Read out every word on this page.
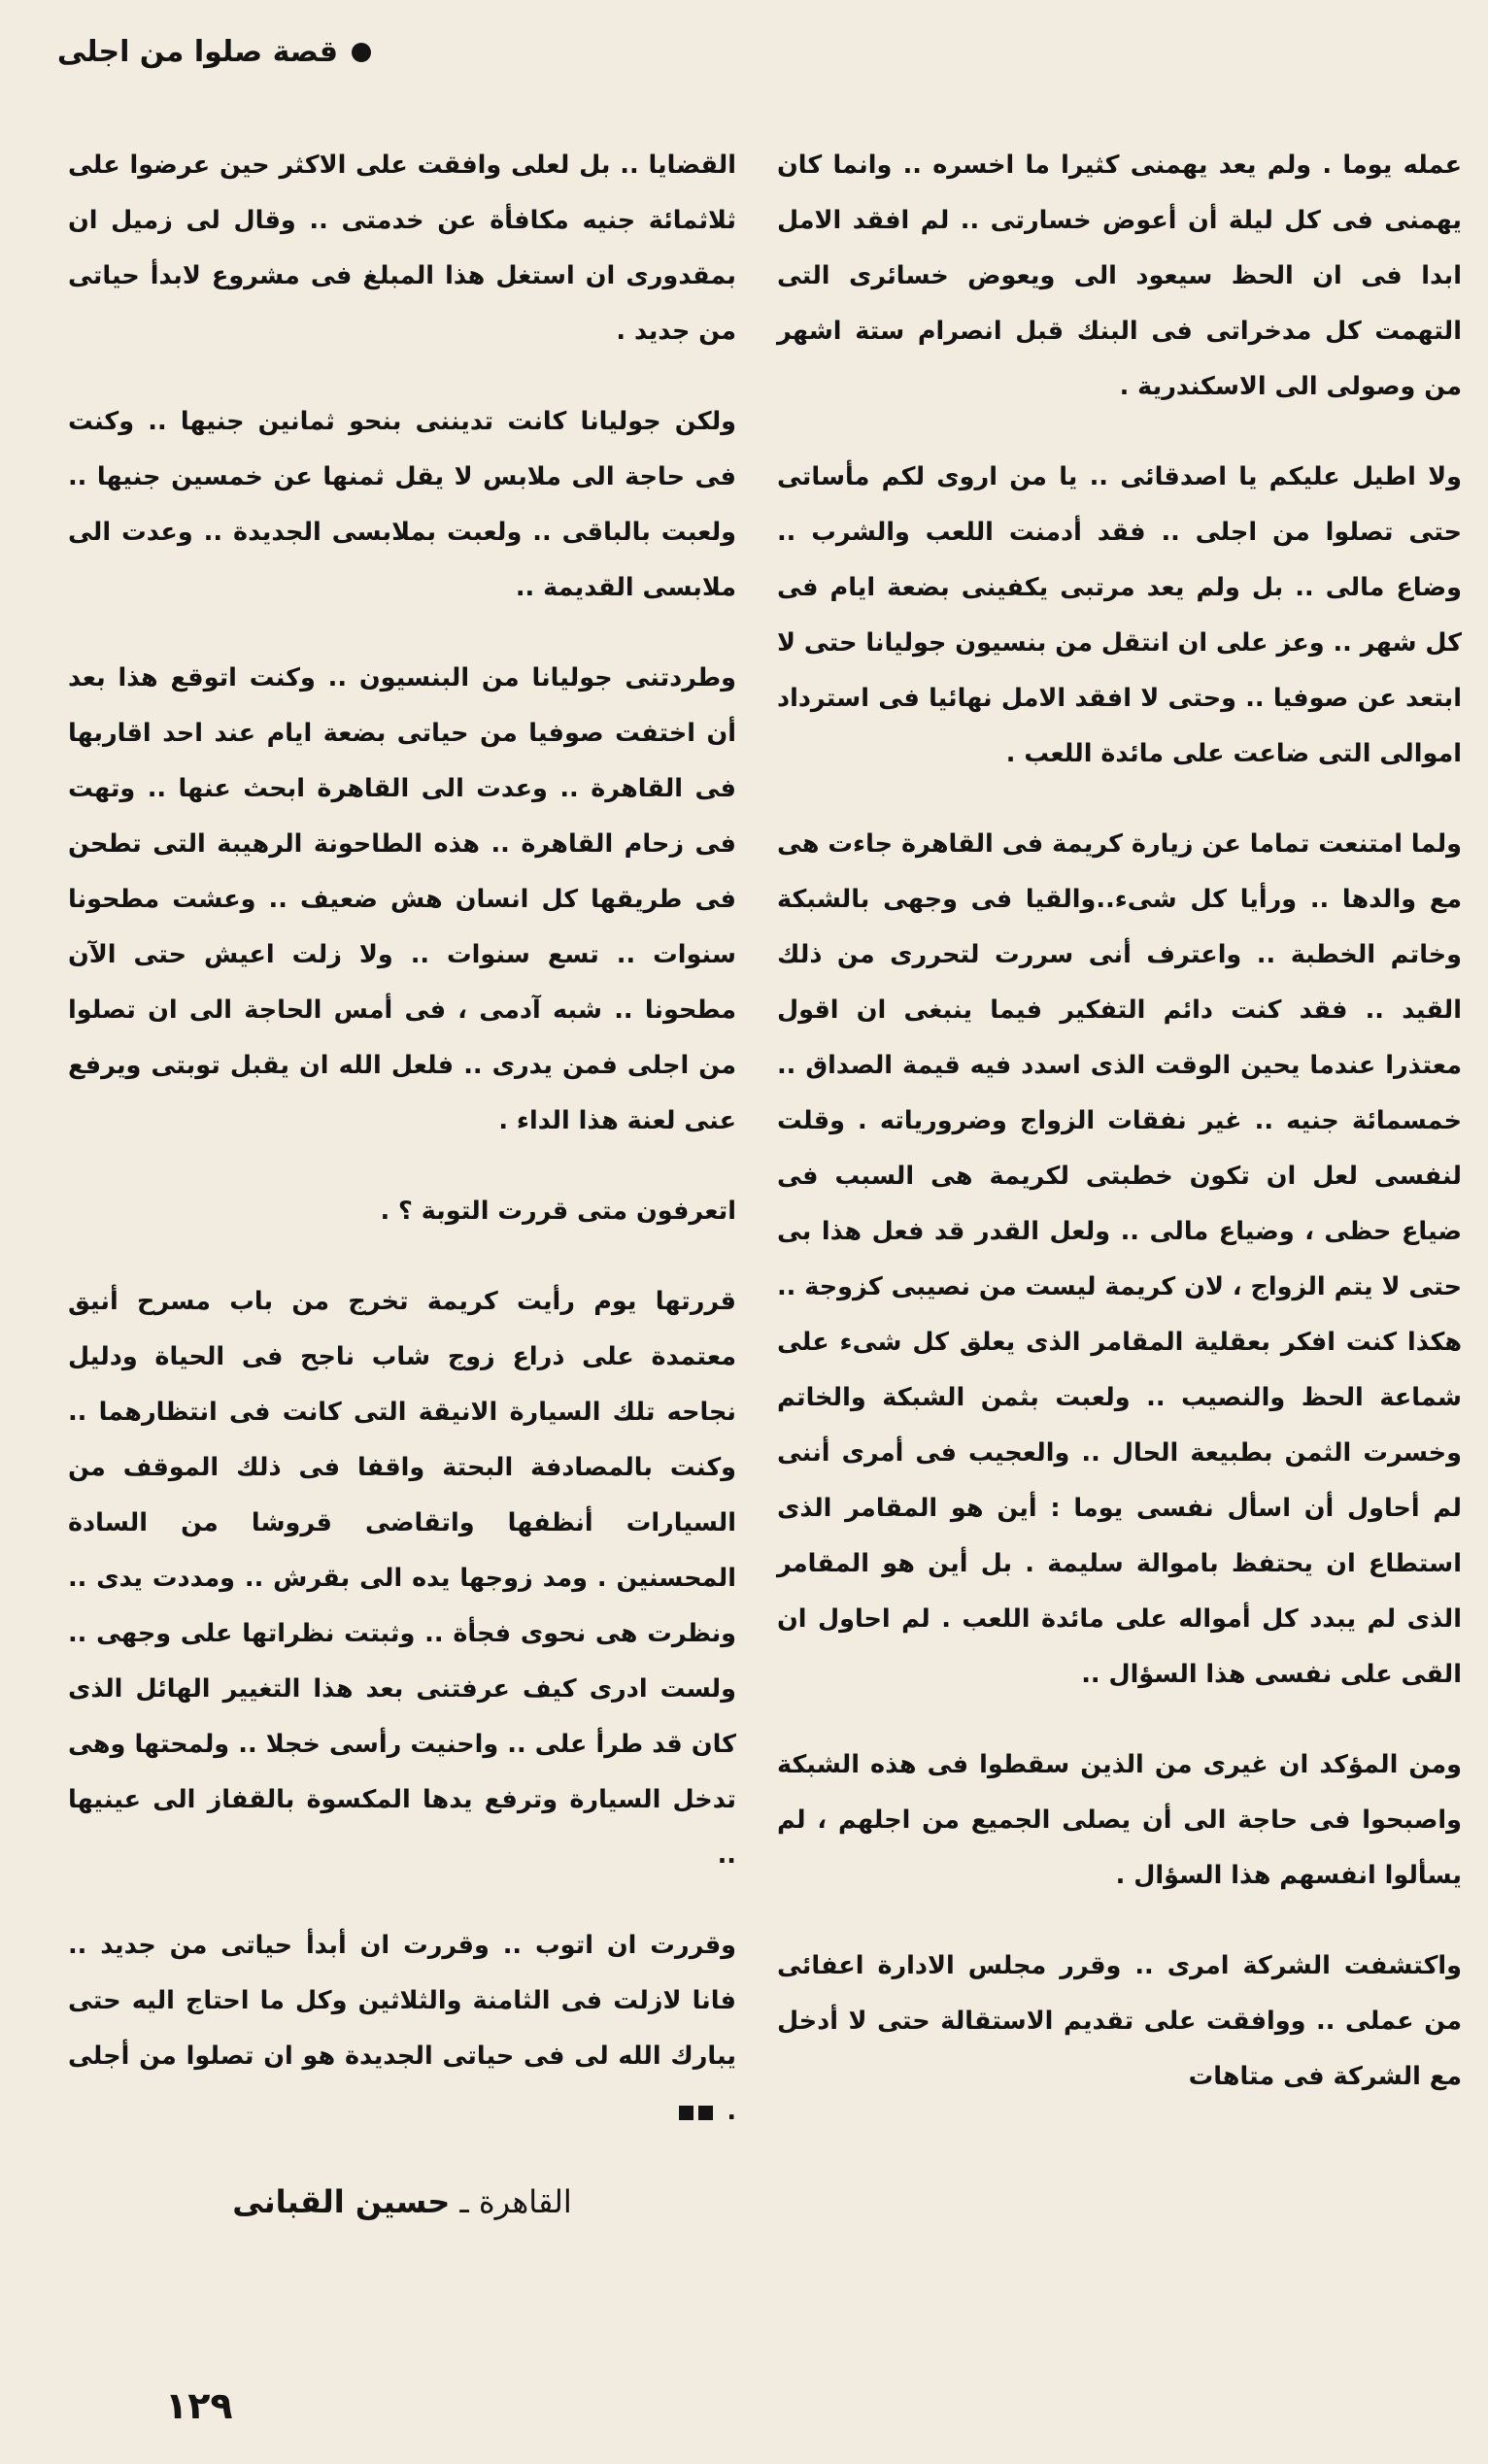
قصة صلوا من اجلى

عمله يوما . ولم يعد يهمنى كثيرا ما اخسره .. وانما كان يهمنى فى كل ليلة أن أعوض خسارتى .. لم افقد الامل ابدا فى ان الحظ سيعود الى ويعوض خسائرى التى التهمت كل مدخراتى فى البنك قبل انصرام ستة اشهر من وصولى الى الاسكندرية .

ولا اطيل عليكم يا اصدقائى .. يا من اروى لكم مأساتى حتى تصلوا من اجلى .. فقد أدمنت اللعب والشرب .. وضاع مالى .. بل ولم يعد مرتبى يكفينى بضعة ايام فى كل شهر .. وعز على ان انتقل من بنسيون جوليانا حتى لا ابتعد عن صوفيا .. وحتى لا افقد الامل نهائيا فى استرداد اموالى التى ضاعت على مائدة اللعب .

ولما امتنعت تماما عن زيارة كريمة فى القاهرة جاءت هى مع والدها .. ورأيا كل شىء..والقيا فى وجهى بالشبكة وخاتم الخطبة .. واعترف أنى سررت لتحررى من ذلك القيد .. فقد كنت دائم التفكير فيما ينبغى ان اقول معتذرا عندما يحين الوقت الذى اسدد فيه قيمة الصداق .. خمسمائة جنيه .. غير نفقات الزواج وضرورياته . وقلت لنفسى لعل ان تكون خطبتى لكريمة هى السبب فى ضياع حظى ، وضياع مالى .. ولعل القدر قد فعل هذا بى حتى لا يتم الزواج ، لان كريمة ليست من نصيبى كزوجة .. هكذا كنت افكر بعقلية المقامر الذى يعلق كل شىء على شماعة الحظ والنصيب .. ولعبت بثمن الشبكة والخاتم وخسرت الثمن بطبيعة الحال .. والعجيب فى أمرى أننى لم أحاول أن اسأل نفسى يوما : أين هو المقامر الذى استطاع ان يحتفظ باموالة سليمة . بل أين هو المقامر الذى لم يبدد كل أمواله على مائدة اللعب . لم احاول ان القى على نفسى هذا السؤال ..

ومن المؤكد ان غيرى من الذين سقطوا فى هذه الشبكة واصبحوا فى حاجة الى أن يصلى الجميع من اجلهم ، لم يسألوا انفسهم هذا السؤال .

واكتشفت الشركة امرى .. وقرر مجلس الادارة اعفائى من عملى .. ووافقت على تقديم الاستقالة حتى لا أدخل مع الشركة فى متاهات

القضايا .. بل لعلى وافقت على الاكثر حين عرضوا على ثلاثمائة جنيه مكافأة عن خدمتى .. وقال لى زميل ان بمقدورى ان استغل هذا المبلغ فى مشروع لابدأ حياتى من جديد .

ولكن جوليانا كانت تديننى بنحو ثمانين جنيها .. وكنت فى حاجة الى ملابس لا يقل ثمنها عن خمسين جنيها .. ولعبت بالباقى .. ولعبت بملابسى الجديدة .. وعدت الى ملابسى القديمة ..

وطردتنى جوليانا من البنسيون .. وكنت اتوقع هذا بعد أن اختفت صوفيا من حياتى بضعة ايام عند احد اقاربها فى القاهرة .. وعدت الى القاهرة ابحث عنها .. وتهت فى زحام القاهرة .. هذه الطاحونة الرهيبة التى تطحن فى طريقها كل انسان هش ضعيف .. وعشت مطحونا سنوات .. تسع سنوات .. ولا زلت اعيش حتى الآن مطحونا .. شبه آدمى ، فى أمس الحاجة الى ان تصلوا من اجلى فمن يدرى .. فلعل الله ان يقبل توبتى ويرفع عنى لعنة هذا الداء .

اتعرفون متى قررت التوبة ؟ .

قررتها يوم رأيت كريمة تخرج من باب مسرح أنيق معتمدة على ذراع زوج شاب ناجح فى الحياة ودليل نجاحه تلك السيارة الانيقة التى كانت فى انتظارهما .. وكنت بالمصادفة البحتة واقفا فى ذلك الموقف من السيارات أنظفها واتقاضى قروشا من السادة المحسنين . ومد زوجها يده الى بقرش .. ومددت يدى .. ونظرت هى نحوى فجأة .. وثبتت نظراتها على وجهى .. ولست ادرى كيف عرفتنى بعد هذا التغيير الهائل الذى كان قد طرأ على .. واحنيت رأسى خجلا .. ولمحتها وهى تدخل السيارة وترفع يدها المكسوة بالقفاز الى عينيها ..

وقررت ان اتوب .. وقررت ان أبدأ حياتى من جديد .. فانا لازلت فى الثامنة والثلاثين وكل ما احتاج اليه حتى يبارك الله لى فى حياتى الجديدة هو ان تصلوا من أجلى .

القاهرة ـ
حسين القبانى
١٢٩
